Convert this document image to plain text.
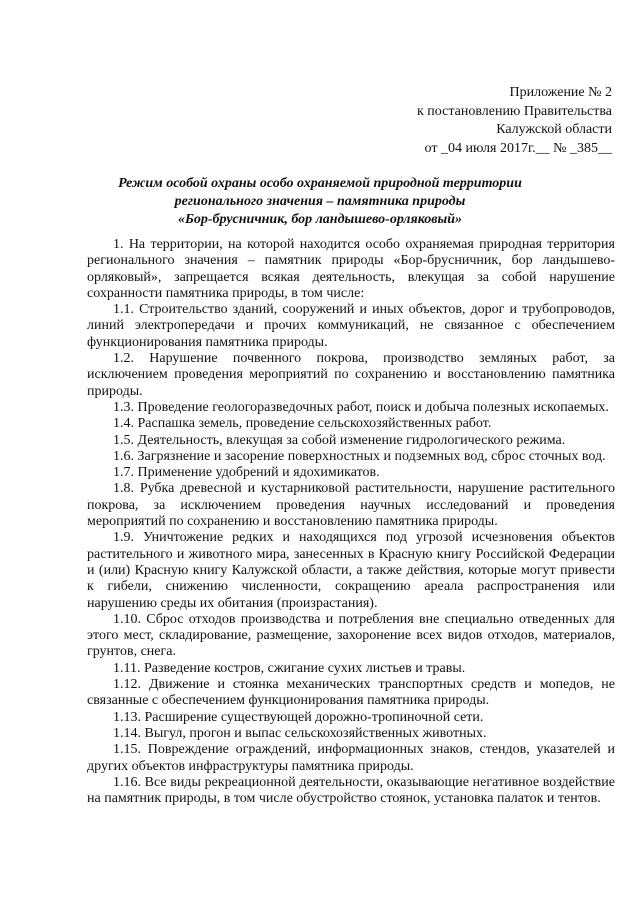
Приложение № 2
к постановлению Правительства
Калужской области
от _04 июля 2017г.__ № _385__
Режим особой охраны особо охраняемой природной территории
регионального значения – памятника природы
«Бор-брусничник, бор ландышево-орляковый»

1. На территории, на которой находится особо охраняемая природная территория регионального значения – памятник природы «Бор-брусничник, бор ландышево-орляковый», запрещается всякая деятельность, влекущая за собой нарушение сохранности памятника природы, в том числе:

1.1. Строительство зданий, сооружений и иных объектов, дорог и трубопроводов, линий электропередачи и прочих коммуникаций, не связанное с обеспечением функционирования памятника природы.

1.2. Нарушение почвенного покрова, производство земляных работ, за исключением проведения мероприятий по сохранению и восстановлению памятника природы.

1.3. Проведение геологоразведочных работ, поиск и добыча полезных ископаемых.

1.4. Распашка земель, проведение сельскохозяйственных работ.

1.5. Деятельность, влекущая за собой изменение гидрологического режима.

1.6. Загрязнение и засорение поверхностных и подземных вод, сброс сточных вод.

1.7. Применение удобрений и ядохимикатов.

1.8. Рубка древесной и кустарниковой растительности, нарушение растительного покрова, за исключением проведения научных исследований и проведения мероприятий по сохранению и восстановлению памятника природы.

1.9. Уничтожение редких и находящихся под угрозой исчезновения объектов растительного и животного мира, занесенных в Красную книгу Российской Федерации и (или) Красную книгу Калужской области, а также действия, которые могут привести к гибели, снижению численности, сокращению ареала распространения или нарушению среды их обитания (произрастания).

1.10. Сброс отходов производства и потребления вне специально отведенных для этого мест, складирование, размещение, захоронение всех видов отходов, материалов, грунтов, снега.

1.11. Разведение костров, сжигание сухих листьев и травы.

1.12. Движение и стоянка механических транспортных средств и мопедов, не связанные с обеспечением функционирования памятника природы.

1.13. Расширение существующей дорожно-тропиночной сети.

1.14. Выгул, прогон и выпас сельскохозяйственных животных.

1.15. Повреждение ограждений, информационных знаков, стендов, указателей и других объектов инфраструктуры памятника природы.

1.16. Все виды рекреационной деятельности, оказывающие негативное воздействие на памятник природы, в том числе обустройство стоянок, установка палаток и тентов.
